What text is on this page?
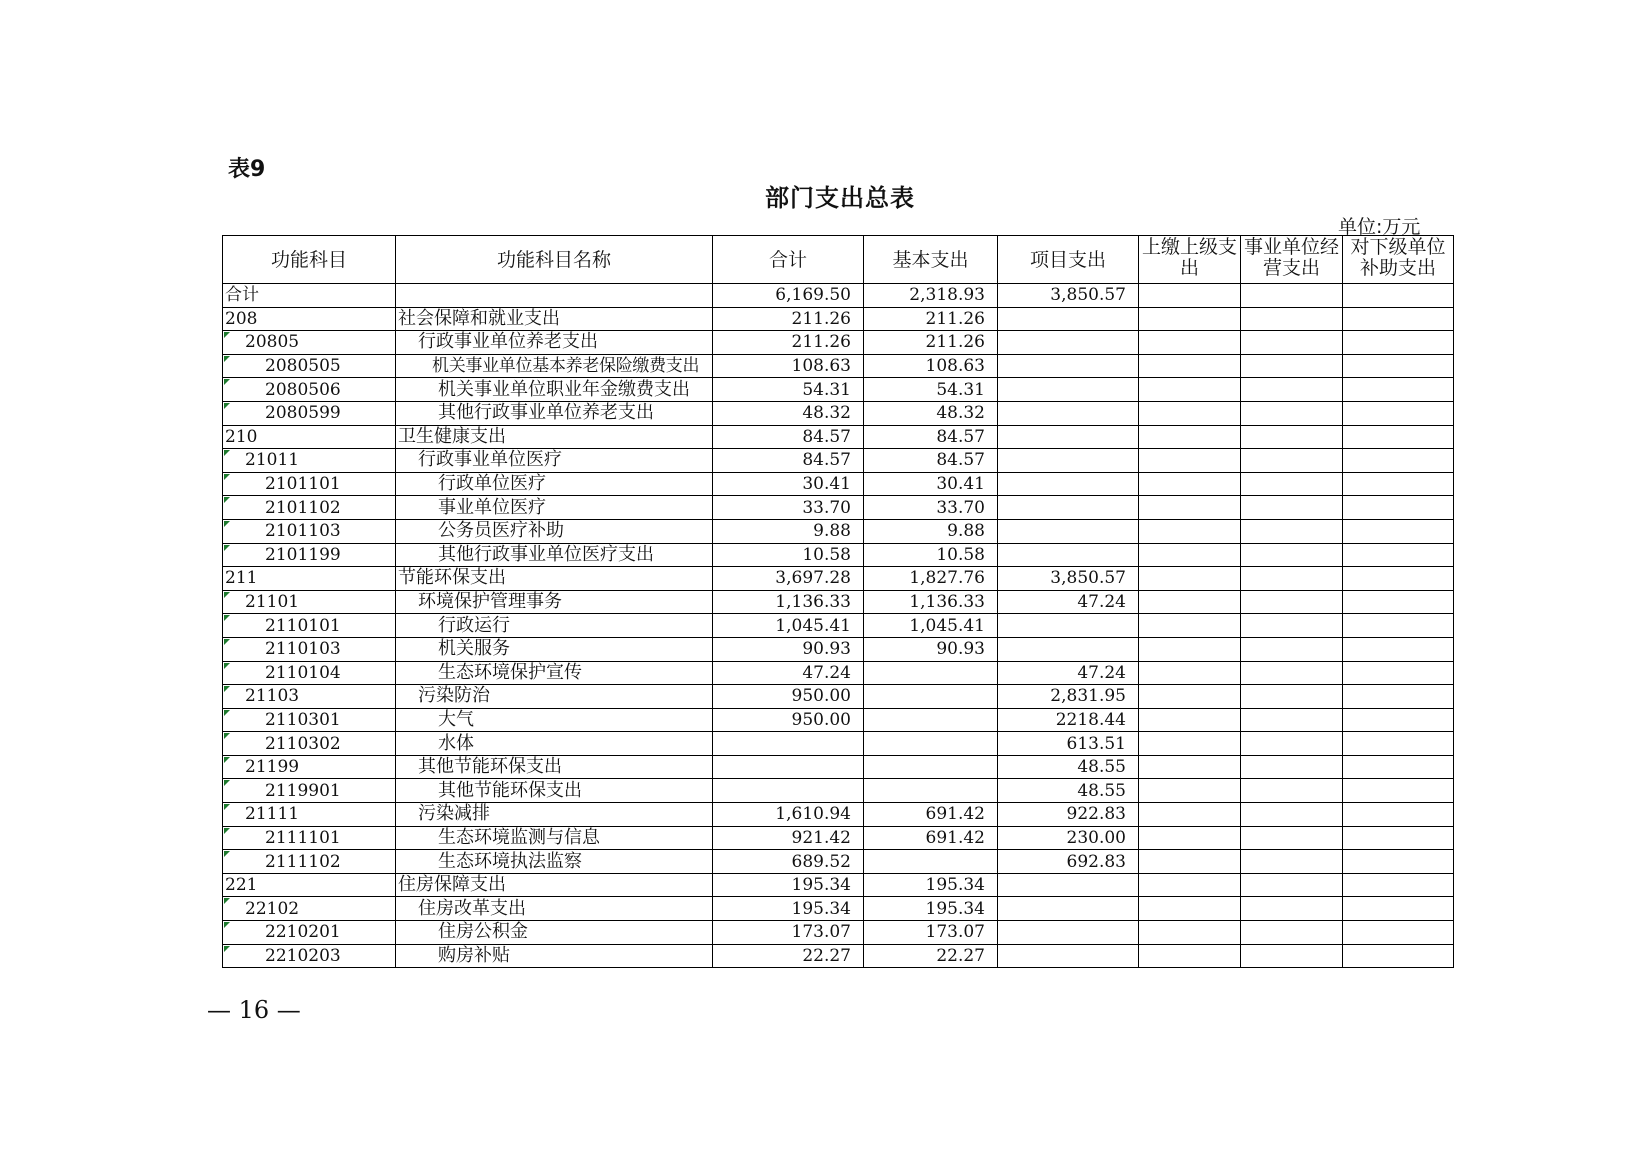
表9
部门支出总表
单位:万元
功能科目	功能科目名称	合计	基本支出	项目支出	上缴上级支出	事业单位经营支出	对下级单位补助支出
合计		6,169.50	2,318.93	3,850.57			
208	社会保障和就业支出	211.26	211.26				
20805	行政事业单位养老支出	211.26	211.26				
2080505	机关事业单位基本养老保险缴费支出	108.63	108.63				
2080506	机关事业单位职业年金缴费支出	54.31	54.31				
2080599	其他行政事业单位养老支出	48.32	48.32				
210	卫生健康支出	84.57	84.57				
21011	行政事业单位医疗	84.57	84.57				
2101101	行政单位医疗	30.41	30.41				
2101102	事业单位医疗	33.70	33.70				
2101103	公务员医疗补助	9.88	9.88				
2101199	其他行政事业单位医疗支出	10.58	10.58				
211	节能环保支出	3,697.28	1,827.76	3,850.57			
21101	环境保护管理事务	1,136.33	1,136.33	47.24			
2110101	行政运行	1,045.41	1,045.41				
2110103	机关服务	90.93	90.93				
2110104	生态环境保护宣传	47.24		47.24			
21103	污染防治	950.00		2,831.95			
2110301	大气	950.00		2218.44			
2110302	水体			613.51			
21199	其他节能环保支出			48.55			
2119901	其他节能环保支出			48.55			
21111	污染减排	1,610.94	691.42	922.83			
2111101	生态环境监测与信息	921.42	691.42	230.00			
2111102	生态环境执法监察	689.52		692.83			
221	住房保障支出	195.34	195.34				
22102	住房改革支出	195.34	195.34				
2210201	住房公积金	173.07	173.07				
2210203	购房补贴	22.27	22.27				
— 16 —
